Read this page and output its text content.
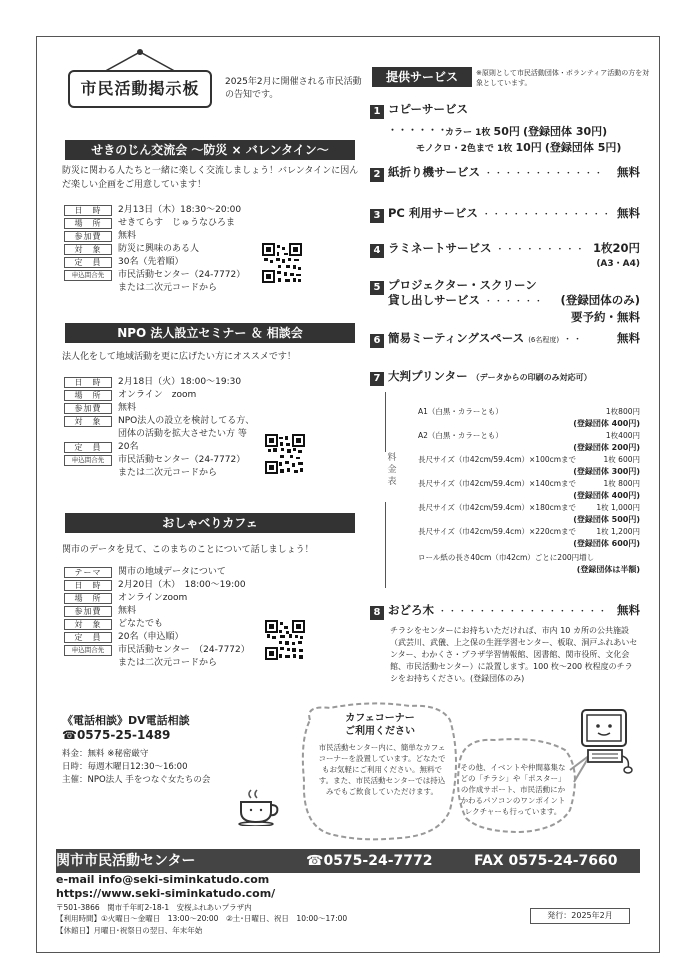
市民活動掲示板	2025年2月に開催される市民活動の告知です。
せきのじん交流会 ～防災 × バレンタイン～
防災に関わる人たちと一緒に楽しく交流しましょう！バレンタインに因んだ楽しい企画をご用意しています！
日　時	2月13日（木）18:30～20:00
場　所	せきてらす　じゅうなひろま
参加費	無料
対　象	防災に興味のある人
定　員	30名（先着順）
申込問合先	市民活動センター（24-7772）
または二次元コードから
NPO 法人設立セミナー ＆ 相談会
法人化をして地域活動を更に広げたい方にオススメです！
日　時	2月18日（火）18:00～19:30
場　所	オンライン　zoom
参加費	無料
対　象	NPO法人の設立を検討してる方、
団体の活動を拡大させたい方 等
定　員	20名
申込問合先	市民活動センター（24-7772）
または二次元コードから
おしゃべりカフェ
関市のデータを見て、このまちのことについて話しましょう！
テーマ	関市の地域データについて
日　時	2月20日（木）　18:00～19:00
場　所	オンラインzoom
参加費	無料
対　象	どなたでも
定　員	20名（申込順）
申込問合先	市民活動センター　（24-7772）
または二次元コードから
提供サービス	※原則として市民活動団体・ボランティア活動の方を対象としています。
1 コピーサービス
・・・・・・
カラー 1枚 50円 (登録団体 30円)
モノクロ・2色まで 1枚 10円 (登録団体 5円)
2 紙折り機サービス ・・・・・・・・・・・・ 無料
3 PC 利用サービス ・・・・・・・・・・・・・ 無料
4 ラミネートサービス ・・・・・・・・・ 1枚20円
(A3・A4)
5 プロジェクター・スクリーン
貸し出しサービス ・・・・・・ (登録団体のみ)
要予約・無料
6 簡易ミーティングスペース (6名程度) ・・	無料
7 大判プリンター （データからの印刷のみ対応可）
料金表
A1（白黒・カラーとも）	1枚800円
(登録団体 400円)
A2（白黒・カラーとも）	1枚400円
(登録団体 200円)
長尺サイズ（巾42cm/59.4cm）×100cmまで	1枚 600円
(登録団体 300円)
長尺サイズ（巾42cm/59.4cm）×140cmまで	1枚 800円
(登録団体 400円)
長尺サイズ（巾42cm/59.4cm）×180cmまで	1枚 1,000円
(登録団体 500円)
長尺サイズ（巾42cm/59.4cm）×220cmまで	1枚 1,200円
(登録団体 600円)
ロール紙の長さ40cm（巾42cm）ごとに200円増し
(登録団体は半額)
8 おどろ木 ・・・・・・・・・・・・・・・・・ 無料
チラシをセンターにお持ちいただければ、市内 10 カ所の公共施設（武芸川、武儀、上之保の生涯学習センター、板取、洞戸ふれあいセンター、わかくさ・プラザ学習情報館、図書館、関市役所、文化会館、市民活動センター）に設置します。100 枚～200 枚程度のチラシをお持ちください。(登録団体のみ)
《電話相談》DV電話相談
☎0575-25-1489
料金：無料 ※秘密厳守
日時：毎週木曜日12:30～16:00
主催：NPO法人 手をつなぐ女たちの会
カフェコーナー
ご利用ください
市民活動センター内に、簡単なカフェコーナーを設置しています。どなたでもお気軽にご利用ください。無料です。また、市民活動センターでは持込みでもご飲食していただけます。
その他、イベントや仲間募集などの「チラシ」や「ポスター」の作成サポート、市民活動にかかわるパソコンのワンポイントレクチャーも行っています。
関市市民活動センター	☎0575-24-7772	FAX 0575-24-7660
e-mail info@seki-siminkatudo.com
https://www.seki-siminkatudo.com/
〒501-3866　関市千年町2-18-1　安桜ふれあいプラザ内
【利用時間】①火曜日～金曜日　13:00～20:00　②土･日曜日、祝日　10:00～17:00
【休館日】月曜日･祝祭日の翌日、年末年始
発行：2025年2月
